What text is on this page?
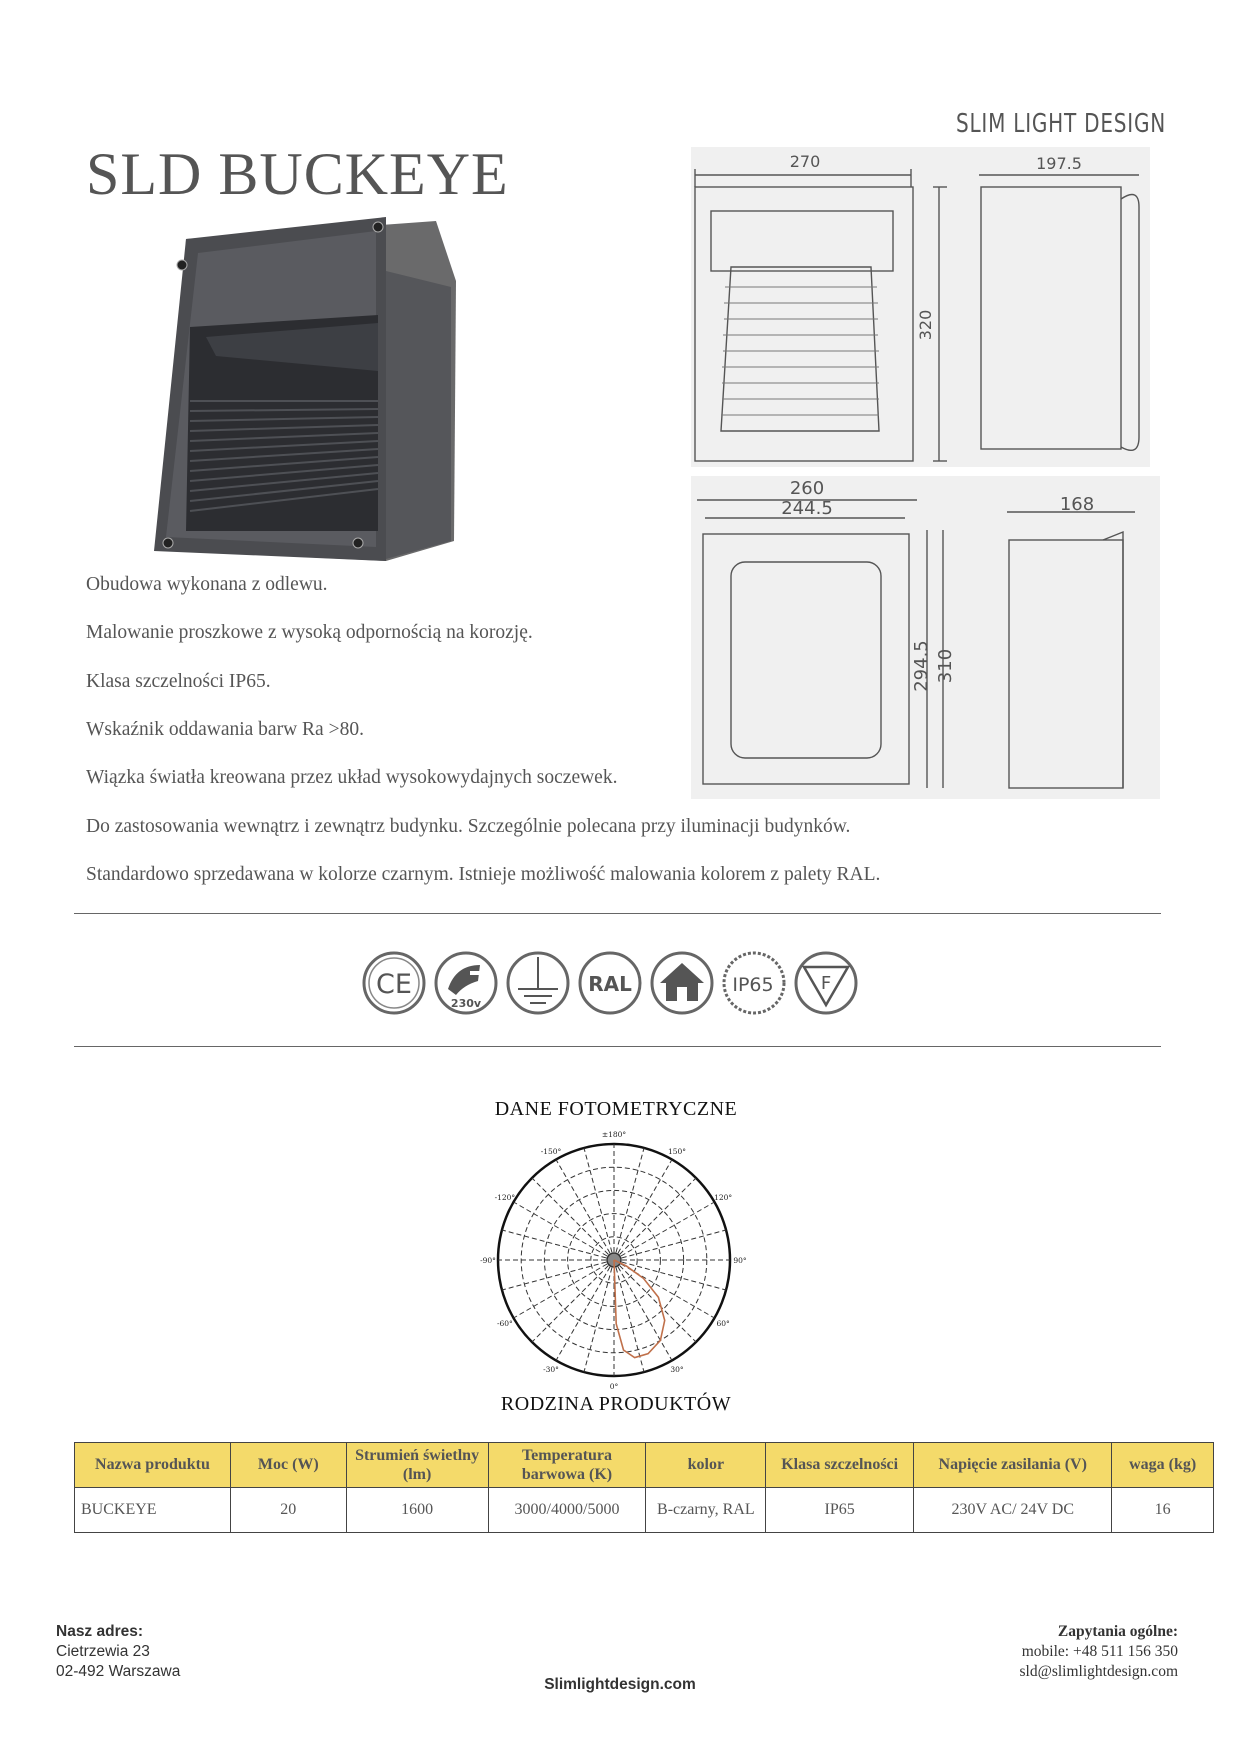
SLIM LIGHT DESIGN
SLD BUCKEYE	270	197.5
320
260
244.5	168
294.5 310
Obudowa wykonana z odlewu.
Malowanie proszkowe z wysoką odpornością na korozję.
Klasa szczelności IP65.
Wskaźnik oddawania barw Ra >80.
Wiązka światła kreowana przez układ wysokowydajnych soczewek.
Do zastosowania wewnątrz i zewnątrz budynku. Szczególnie polecana przy iluminacji budynków.
Standardowo sprzedawana w kolorze czarnym. Istnieje możliwość malowania kolorem z palety RAL.
CE
230v
RAL	IP65	F
DANE FOTOMETRYCZNE
±180°
-150°	150°
-120°	120°
-90°	90°
-60°	60°
-30°	30°
0°
RODZINA PRODUKTÓW
Nazwa produktu	Moc (W)	Strumień świetlny (lm)	Temperatura barwowa (K)	kolor	Klasa szczelności	Napięcie zasilania (V)	waga (kg)
BUCKEYE	20	1600	3000/4000/5000	B-czarny, RAL	IP65	230V AC/ 24V DC	16
Nasz adres:
Cietrzewia 23
02-492 Warszawa
Zapytania ogólne:
mobile: +48 511 156 350
sld@slimlightdesign.com
Slimlightdesign.com
